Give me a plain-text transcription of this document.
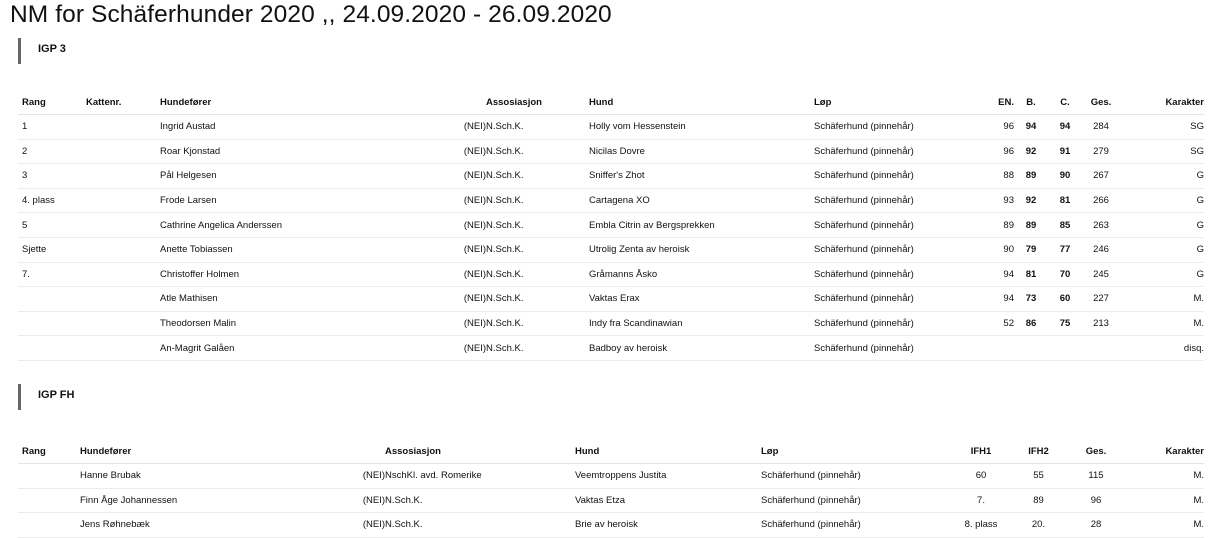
NM for Schäferhunder 2020 ,, 24.09.2020 - 26.09.2020
IGP 3
Rang	Kattenr.	Hundefører		Assosiasjon	Hund	Løp	EN.	B.	C.	Ges.	Karakter
1		Ingrid Austad	(NEI)	N.Sch.K.	Holly vom Hessenstein	Schäferhund (pinnehår)	96	94	94	284	SG
2		Roar Kjonstad	(NEI)	N.Sch.K.	Nicilas Dovre	Schäferhund (pinnehår)	96	92	91	279	SG
3		Pål Helgesen	(NEI)	N.Sch.K.	Sniffer's Zhot	Schäferhund (pinnehår)	88	89	90	267	G
4. plass		Frode Larsen	(NEI)	N.Sch.K.	Cartagena XO	Schäferhund (pinnehår)	93	92	81	266	G
5		Cathrine Angelica Anderssen	(NEI)	N.Sch.K.	Embla Citrin av Bergsprekken	Schäferhund (pinnehår)	89	89	85	263	G
Sjette		Anette Tobiassen	(NEI)	N.Sch.K.	Utrolig Zenta av heroisk	Schäferhund (pinnehår)	90	79	77	246	G
7.		Christoffer Holmen	(NEI)	N.Sch.K.	Gråmanns Åsko	Schäferhund (pinnehår)	94	81	70	245	G
		Atle Mathisen	(NEI)	N.Sch.K.	Vaktas Erax	Schäferhund (pinnehår)	94	73	60	227	M.
		Theodorsen Malin	(NEI)	N.Sch.K.	Indy fra Scandinawian	Schäferhund (pinnehår)	52	86	75	213	M.
		An-Magrit Galåen	(NEI)	N.Sch.K.	Badboy av heroisk	Schäferhund (pinnehår)					disq.
IGP FH
Rang	Hundefører		Assosiasjon	Hund	Løp	IFH1	IFH2	Ges.	Karakter
	Hanne Brubak	(NEI)	NschKl. avd. Romerike	Veemtroppens Justita	Schäferhund (pinnehår)	60	55	115	M.
	Finn Åge Johannessen	(NEI)	N.Sch.K.	Vaktas Etza	Schäferhund (pinnehår)	7.	89	96	M.
	Jens Røhnebæk	(NEI)	N.Sch.K.	Brie av heroisk	Schäferhund (pinnehår)	8. plass	20.	28	M.
